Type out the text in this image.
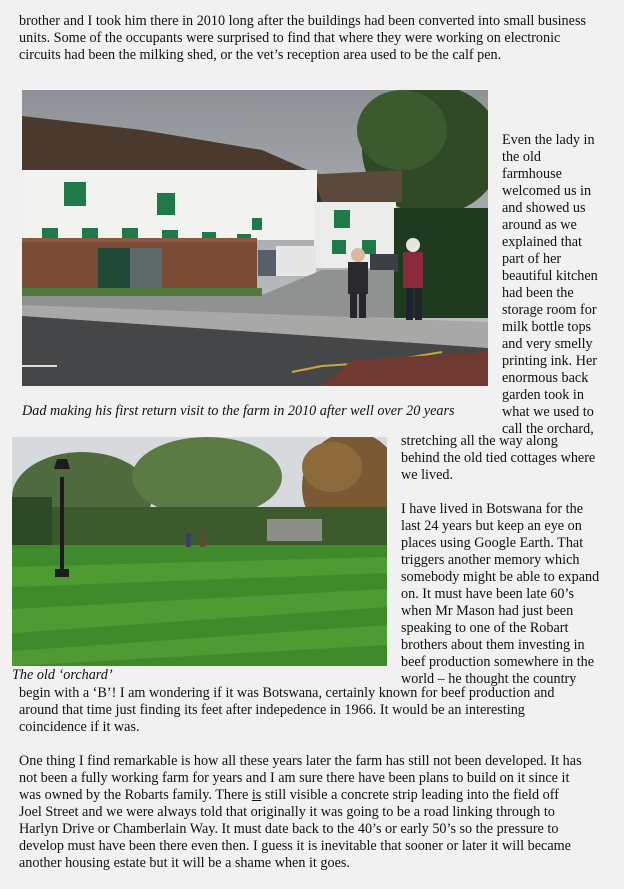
brother and I took him there in 2010 long after the buildings had been converted into small business
units. Some of the occupants were surprised to find that where they were working on electronic
circuits had been the milking shed, or the vet’s reception area used to be the calf pen.
Dad making his first return visit to the farm in 2010 after well over 20 years
Even the lady in
the old
farmhouse
welcomed us in
and showed us
around as we
explained that
part of her
beautiful kitchen
had been the
storage room for
milk bottle tops
and very smelly
printing ink. Her
enormous back
garden took in
what we used to
call the orchard,
The old ‘orchard’
stretching all the way along
behind the old tied cottages where
we lived.
I have lived in Botswana for the
last 24 years but keep an eye on
places using Google Earth. That
triggers another memory which
somebody might be able to expand
on. It must have been late 60’s
when Mr Mason had just been
speaking to one of the Robart
brothers about them investing in
beef production somewhere in the
world – he thought the country
begin with a ‘B’! I am wondering if it was Botswana, certainly known for beef production and
around that time just finding its feet after indepedence in 1966. It would be an interesting
coincidence if it was.
One thing I find remarkable is how all these years later the farm has still not been developed. It has
not been a fully working farm for years and I am sure there have been plans to build on it since it
was owned by the Robarts family. There is still visible a concrete strip leading into the field off
Joel Street and we were always told that originally it was going to be a road linking through to
Harlyn Drive or Chamberlain Way. It must date back to the 40’s or early 50’s so the pressure to
develop must have been there even then. I guess it is inevitable that sooner or later it will became
another housing estate but it will be a shame when it goes.
